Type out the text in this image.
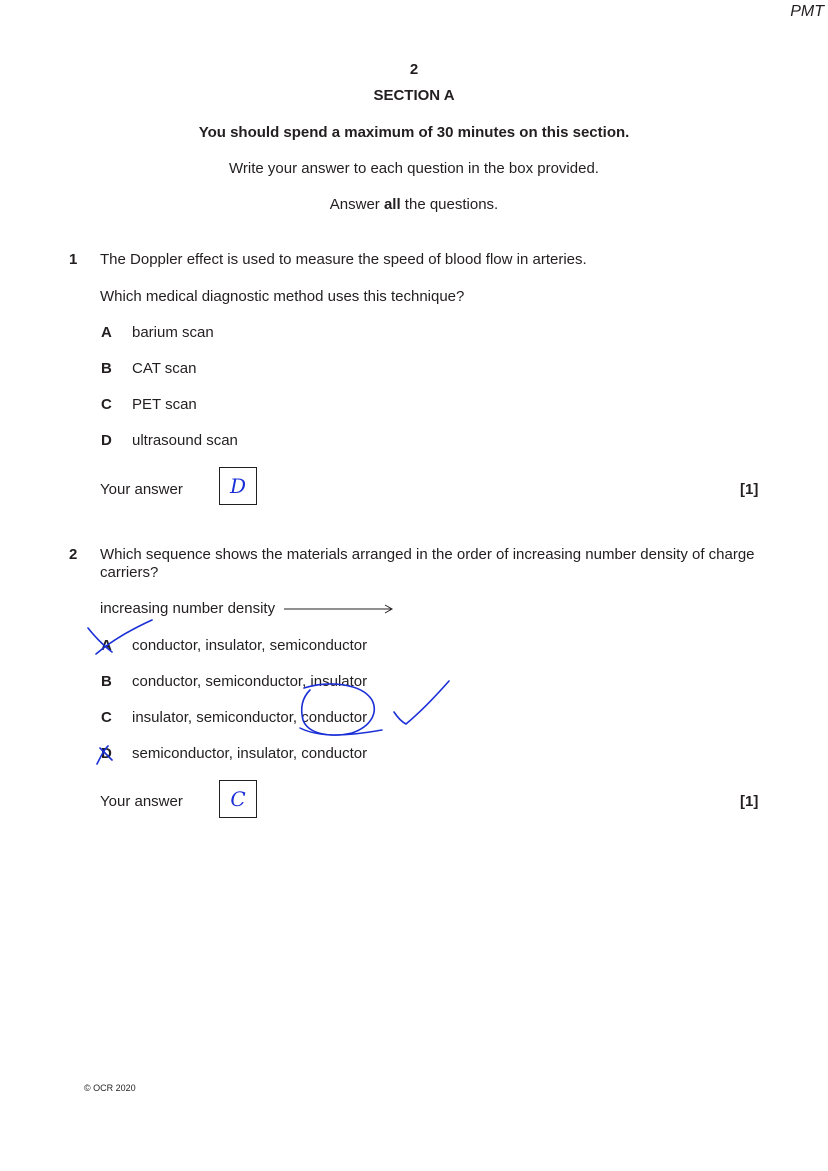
PMT
2
SECTION A
You should spend a maximum of 30 minutes on this section.
Write your answer to each question in the box provided.
Answer all the questions.
1 The Doppler effect is used to measure the speed of blood flow in arteries.
Which medical diagnostic method uses this technique?
A barium scan
B CAT scan
C PET scan
D ultrasound scan
Your answer	D	[1]
2 Which sequence shows the materials arranged in the order of increasing number density of charge carriers?
increasing number density
A conductor, insulator, semiconductor
B conductor, semiconductor, insulator
C insulator, semiconductor, conductor
D semiconductor, insulator, conductor
Your answer	C	[1]
© OCR 2020
